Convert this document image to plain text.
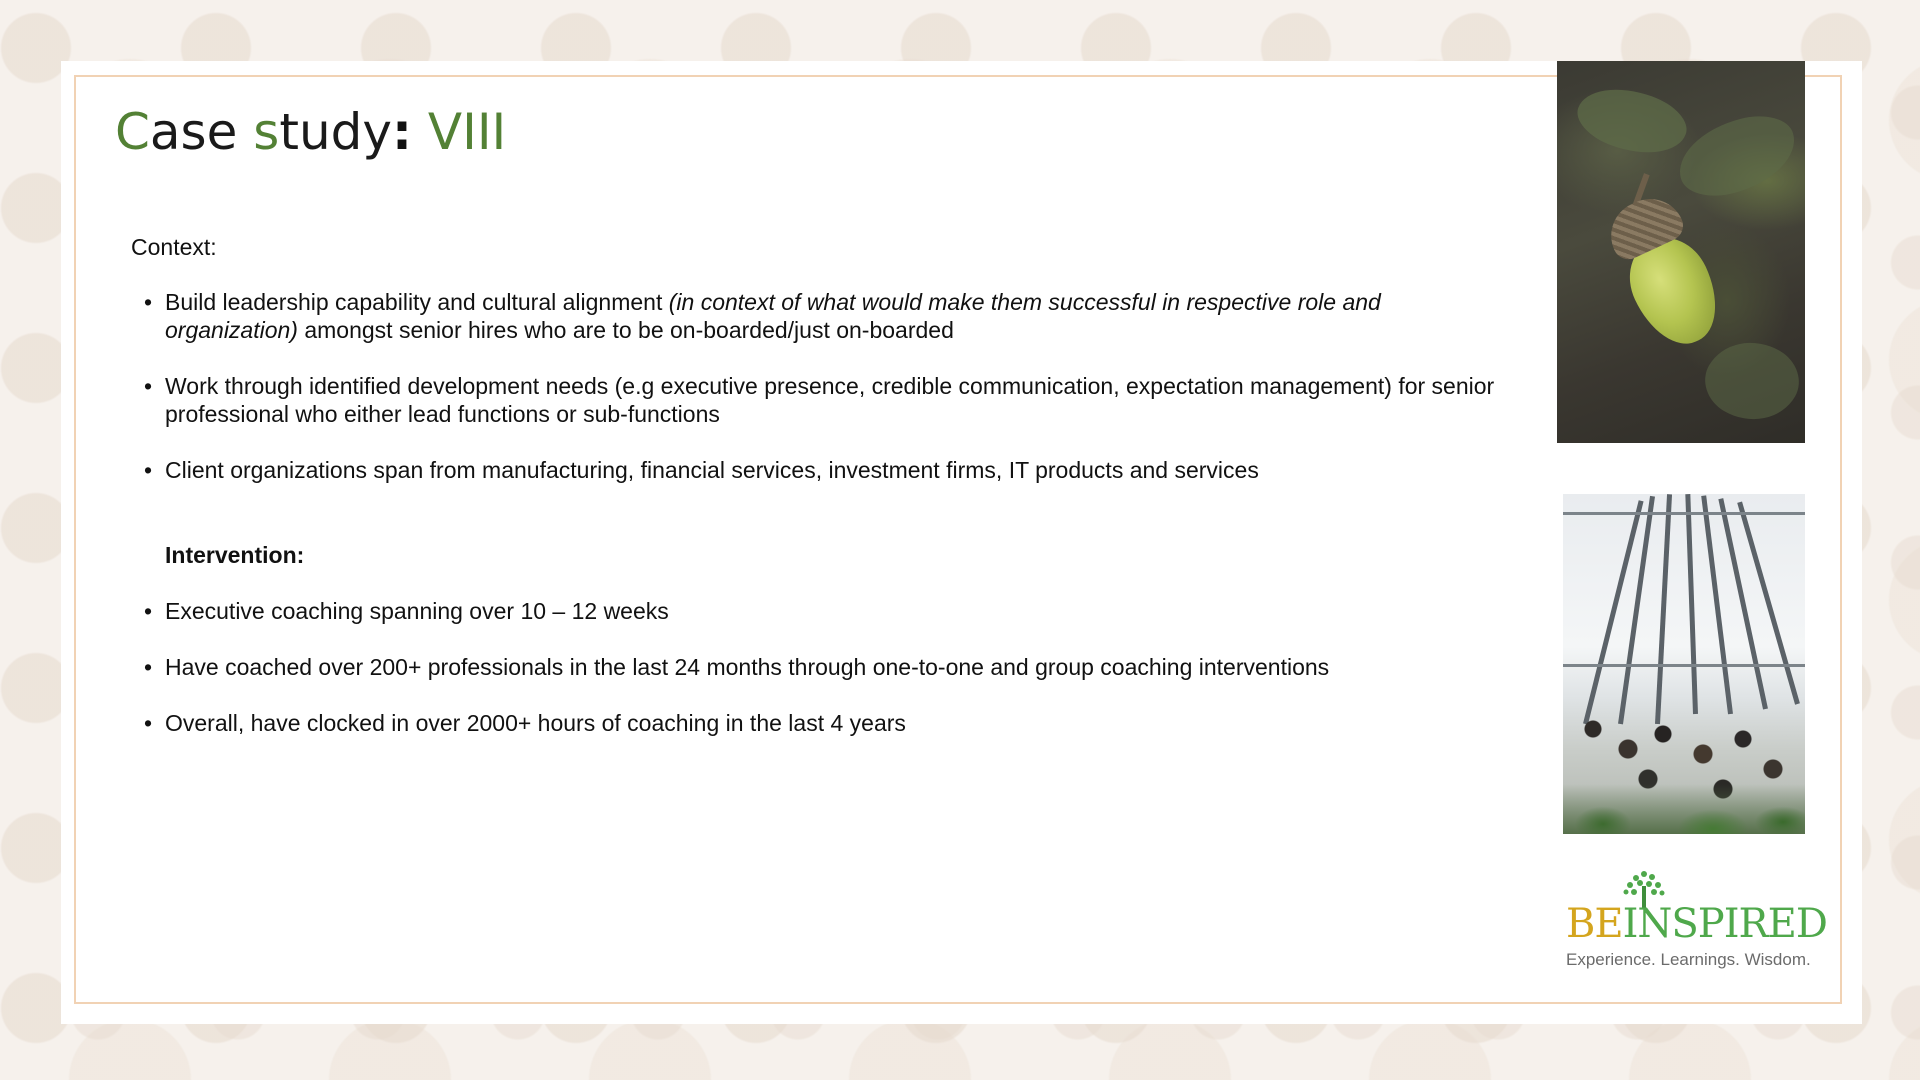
Case study: VIII
Context:
• Build leadership capability and cultural alignment (in context of what would make them successful in respective role and organization) amongst senior hires who are to be on-boarded/just on-boarded
• Work through identified development needs (e.g executive presence, credible communication, expectation management) for senior professional who either lead functions or sub-functions
• Client organizations span from manufacturing, financial services, investment firms, IT products and services
Intervention:
• Executive coaching spanning over 10 – 12 weeks
• Have coached over 200+ professionals in the last 24 months through one-to-one and group coaching interventions
• Overall, have clocked in over 2000+ hours of coaching in the last 4 years
BEINSPIRED
Experience. Learnings. Wisdom.
